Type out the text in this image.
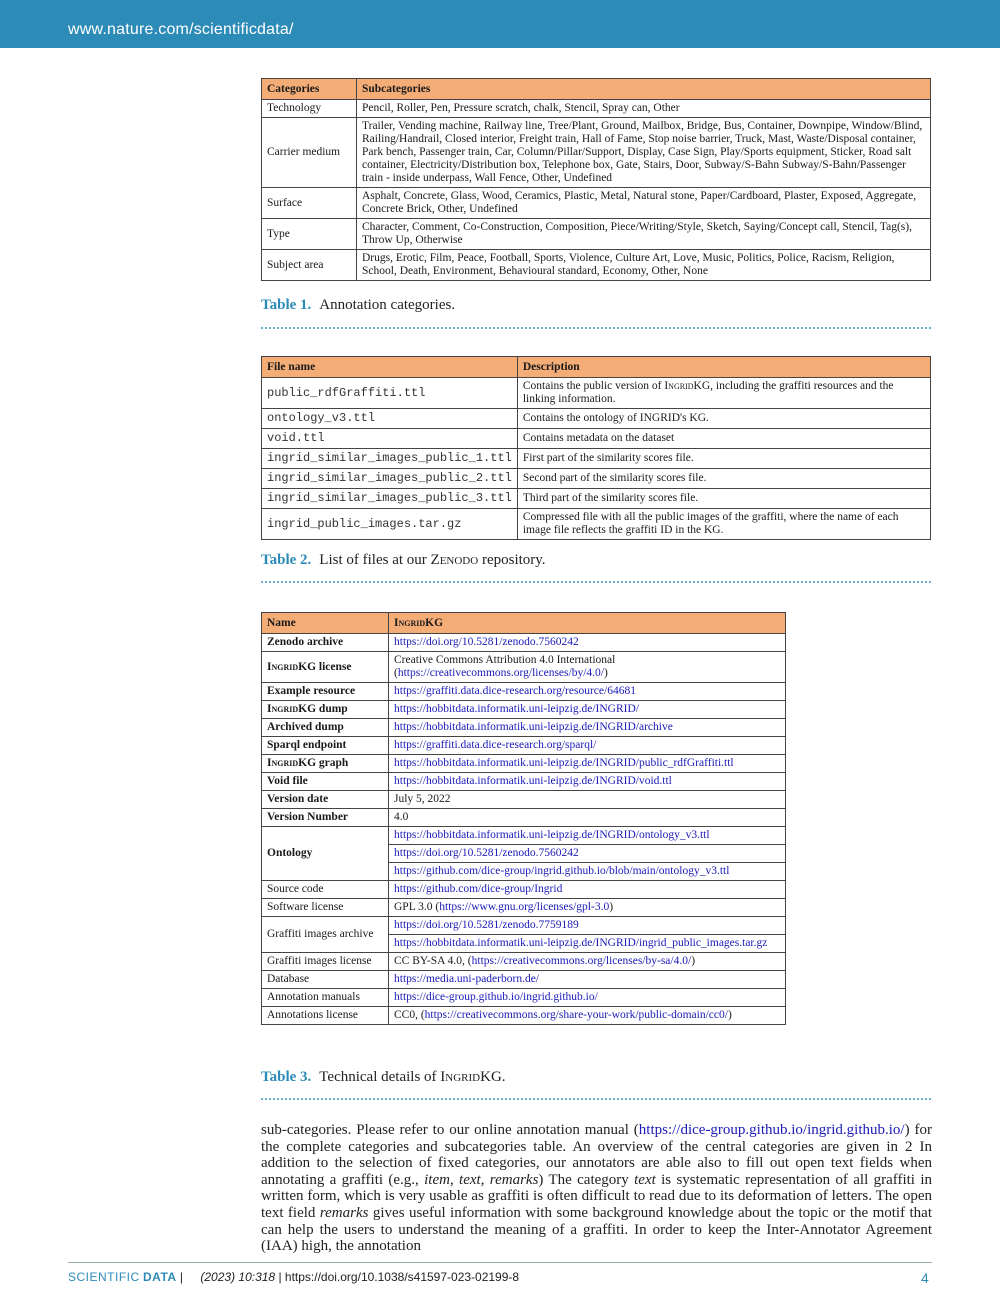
www.nature.com/scientificdata/
Categories	Subcategories
Technology	Pencil, Roller, Pen, Pressure scratch, chalk, Stencil, Spray can, Other
Carrier medium	Trailer, Vending machine, Railway line, Tree/Plant, Ground, Mailbox, Bridge, Bus, Container, Downpipe, Window/Blind, Railing/Handrail, Closed interior, Freight train, Hall of Fame, Stop noise barrier, Truck, Mast, Waste/Disposal container, Park bench, Passenger train, Car, Column/Pillar/Support, Display, Case Sign, Play/Sports equipment, Sticker, Road salt container, Electricity/Distribution box, Telephone box, Gate, Stairs, Door, Subway/S-Bahn Subway/S-Bahn/Passenger train - inside underpass, Wall Fence, Other, Undefined
Surface	Asphalt, Concrete, Glass, Wood, Ceramics, Plastic, Metal, Natural stone, Paper/Cardboard, Plaster, Exposed, Aggregate, Concrete Brick, Other, Undefined
Type	Character, Comment, Co-Construction, Composition, Piece/Writing/Style, Sketch, Saying/Concept call, Stencil, Tag(s), Throw Up, Otherwise
Subject area	Drugs, Erotic, Film, Peace, Football, Sports, Violence, Culture Art, Love, Music, Politics, Police, Racism, Religion, School, Death, Environment, Behavioural standard, Economy, Other, None
Table 1. Annotation categories.
File name	Description
public_rdfGraffiti.ttl	Contains the public version of IngridKG, including the graffiti resources and the linking information.
ontology_v3.ttl	Contains the ontology of INGRID's KG.
void.ttl	Contains metadata on the dataset
ingrid_similar_images_public_1.ttl	First part of the similarity scores file.
ingrid_similar_images_public_2.ttl	Second part of the similarity scores file.
ingrid_similar_images_public_3.ttl	Third part of the similarity scores file.
ingrid_public_images.tar.gz	Compressed file with all the public images of the graffiti, where the name of each image file reflects the graffiti ID in the KG.
Table 2. List of files at our Zenodo repository.
Name	IngridKG
Zenodo archive	https://doi.org/10.5281/zenodo.7560242
IngridKG license	Creative Commons Attribution 4.0 International (https://creativecommons.org/licenses/by/4.0/)
Example resource	https://graffiti.data.dice-research.org/resource/64681
IngridKG dump	https://hobbitdata.informatik.uni-leipzig.de/INGRID/
Archived dump	https://hobbitdata.informatik.uni-leipzig.de/INGRID/archive
Sparql endpoint	https://graffiti.data.dice-research.org/sparql/
IngridKG graph	https://hobbitdata.informatik.uni-leipzig.de/INGRID/public_rdfGraffiti.ttl
Void file	https://hobbitdata.informatik.uni-leipzig.de/INGRID/void.ttl
Version date	July 5, 2022
Version Number	4.0
Ontology	https://hobbitdata.informatik.uni-leipzig.de/INGRID/ontology_v3.ttl
	https://doi.org/10.5281/zenodo.7560242
	https://github.com/dice-group/ingrid.github.io/blob/main/ontology_v3.ttl
Source code	https://github.com/dice-group/Ingrid
Software license	GPL 3.0 (https://www.gnu.org/licenses/gpl-3.0)
Graffiti images archive	https://doi.org/10.5281/zenodo.7759189
	https://hobbitdata.informatik.uni-leipzig.de/INGRID/ingrid_public_images.tar.gz
Graffiti images license	CC BY-SA 4.0, (https://creativecommons.org/licenses/by-sa/4.0/)
Database	https://media.uni-paderborn.de/
Annotation manuals	https://dice-group.github.io/ingrid.github.io/
Annotations license	CC0, (https://creativecommons.org/share-your-work/public-domain/cc0/)
Table 3. Technical details of IngridKG.
sub-categories. Please refer to our online annotation manual (https://dice-group.github.io/ingrid.github.io/) for the complete categories and subcategories table. An overview of the central categories are given in 2 In addition to the selection of fixed categories, our annotators are able also to fill out open text fields when annotating a graffiti (e.g., item, text, remarks) The category text is systematic representation of all graffiti in written form, which is very usable as graffiti is often difficult to read due to its deformation of letters. The open text field remarks gives useful information with some background knowledge about the topic or the motif that can help the users to understand the meaning of a graffiti. In order to keep the Inter-Annotator Agreement (IAA) high, the annotation
SCIENTIFIC DATA | (2023) 10:318 | https://doi.org/10.1038/s41597-023-02199-8	4
